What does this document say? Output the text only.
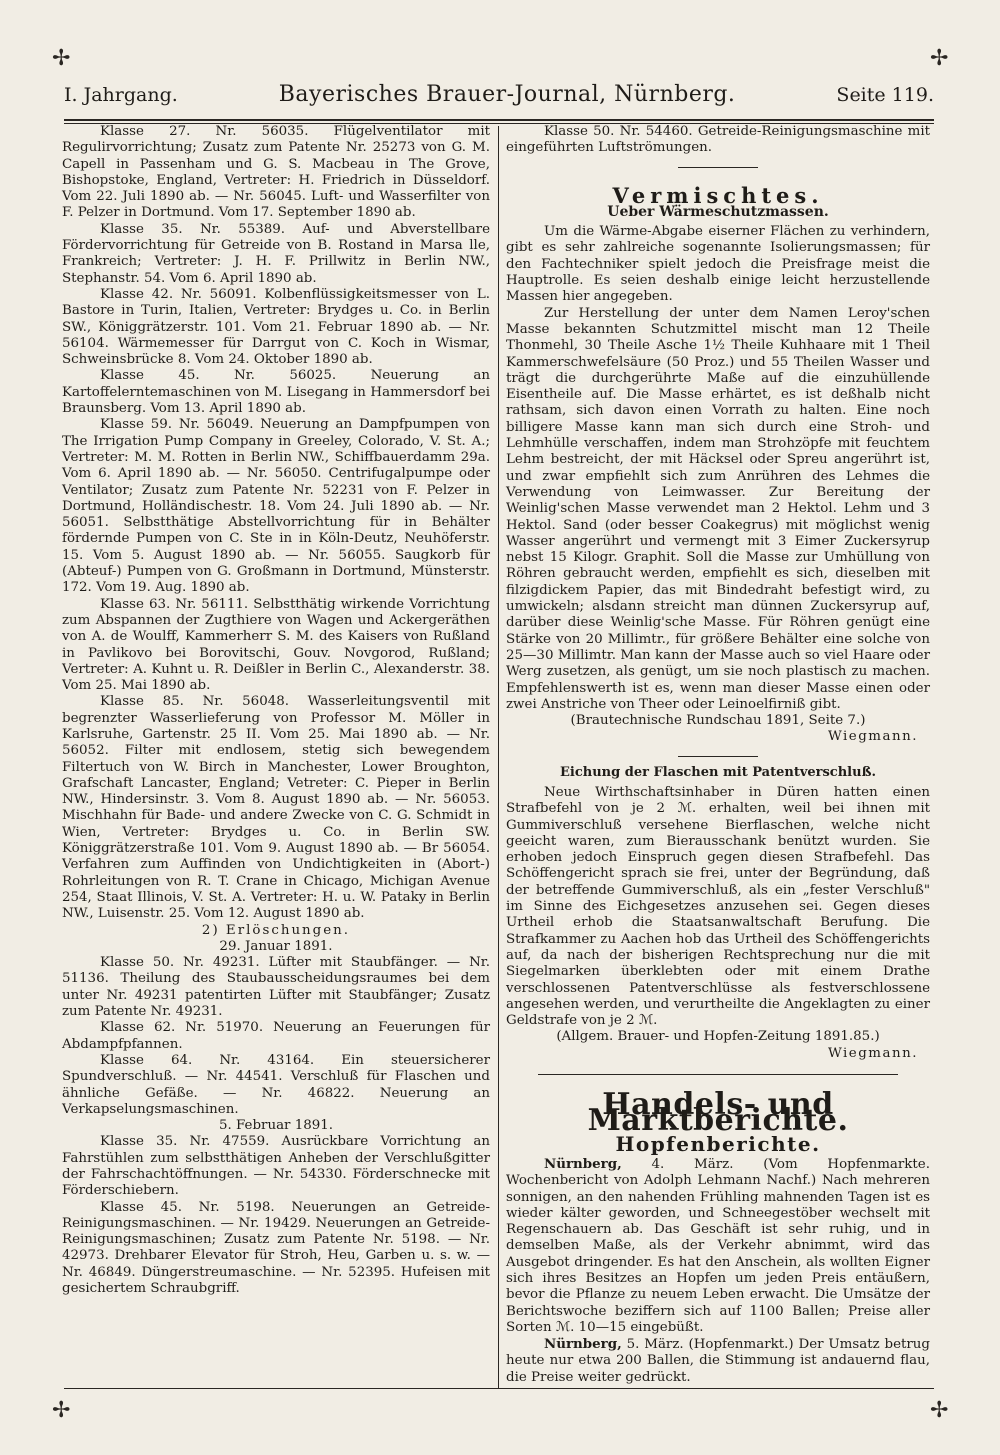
✢	✢
✢	✢
I. Jahrgang.	Bayerisches Brauer-Journal, Nürnberg.	Seite 119.

Klasse 27. Nr. 56035. Flügelventilator mit Regulirvorrichtung; Zusatz zum Patente Nr. 25273 von G. M. Capell in Passenham und G. S. Macbeau in The Grove, Bishopstoke, England, Vertreter: H. Friedrich in Düsseldorf. Vom 22. Juli 1890 ab. — Nr. 56045. Luft- und Wasserfilter von F. Pelzer in Dortmund. Vom 17. September 1890 ab.

Klasse 35. Nr. 55389. Auf- und Abverstellbare Fördervorrichtung für Getreide von B. Rostand in Marsa lle, Frankreich; Vertreter: J. H. F. Prillwitz in Berlin NW., Stephanstr. 54. Vom 6. April 1890 ab.

Klasse 42. Nr. 56091. Kolbenflüssigkeitsmesser von L. Bastore in Turin, Italien, Vertreter: Brydges u. Co. in Berlin SW., Königgrätzerstr. 101. Vom 21. Februar 1890 ab. — Nr. 56104. Wärmemesser für Darrgut von C. Koch in Wismar, Schweinsbrücke 8. Vom 24. Oktober 1890 ab.

Klasse 45. Nr. 56025. Neuerung an Kartoffelerntemaschinen von M. Lisegang in Hammersdorf bei Braunsberg. Vom 13. April 1890 ab.

Klasse 59. Nr. 56049. Neuerung an Dampfpumpen von The Irrigation Pump Company in Greeley, Colorado, V. St. A.; Vertreter: M. M. Rotten in Berlin NW., Schiffbauerdamm 29a. Vom 6. April 1890 ab. — Nr. 56050. Centrifugalpumpe oder Ventilator; Zusatz zum Patente Nr. 52231 von F. Pelzer in Dortmund, Holländischestr. 18. Vom 24. Juli 1890 ab. — Nr. 56051. Selbstthätige Abstellvorrichtung für in Behälter fördernde Pumpen von C. Ste in in Köln-Deutz, Neuhöferstr. 15. Vom 5. August 1890 ab. — Nr. 56055. Saugkorb für (Abteuf-) Pumpen von G. Großmann in Dortmund, Münsterstr. 172. Vom 19. Aug. 1890 ab.

Klasse 63. Nr. 56111. Selbstthätig wirkende Vorrichtung zum Abspannen der Zugthiere von Wagen und Ackergeräthen von A. de Woulff, Kammerherr S. M. des Kaisers von Rußland in Pavlikovo bei Borovitschi, Gouv. Novgorod, Rußland; Vertreter: A. Kuhnt u. R. Deißler in Berlin C., Alexanderstr. 38. Vom 25. Mai 1890 ab.

Klasse 85. Nr. 56048. Wasserleitungsventil mit begrenzter Wasserlieferung von Professor M. Möller in Karlsruhe, Gartenstr. 25 II. Vom 25. Mai 1890 ab. — Nr. 56052. Filter mit endlosem, stetig sich bewegendem Filtertuch von W. Birch in Manchester, Lower Broughton, Grafschaft Lancaster, England; Vetreter: C. Pieper in Berlin NW., Hindersinstr. 3. Vom 8. August 1890 ab. — Nr. 56053. Mischhahn für Bade- und andere Zwecke von C. G. Schmidt in Wien, Vertreter: Brydges u. Co. in Berlin SW. Königgrätzerstraße 101. Vom 9. August 1890 ab. — Br 56054. Verfahren zum Auffinden von Undichtigkeiten in (Abort-) Rohrleitungen von R. T. Crane in Chicago, Michigan Avenue 254, Staat Illinois, V. St. A. Vertreter: H. u. W. Pataky in Berlin NW., Luisenstr. 25. Vom 12. August 1890 ab.

2) Erlöschungen.

29. Januar 1891.

Klasse 50. Nr. 49231. Lüfter mit Staubfänger. — Nr. 51136. Theilung des Staubausscheidungsraumes bei dem unter Nr. 49231 patentirten Lüfter mit Staubfänger; Zusatz zum Patente Nr. 49231.

Klasse 62. Nr. 51970. Neuerung an Feuerungen für Abdampfpfannen.

Klasse 64. Nr. 43164. Ein steuersicherer Spundverschluß. — Nr. 44541. Verschluß für Flaschen und ähnliche Gefäße. — Nr. 46822. Neuerung an Verkapselungsmaschinen.

5. Februar 1891.

Klasse 35. Nr. 47559. Ausrückbare Vorrichtung an Fahrstühlen zum selbstthätigen Anheben der Verschlußgitter der Fahrschachtöffnungen. — Nr. 54330. Förderschnecke mit Förderschiebern.

Klasse 45. Nr. 5198. Neuerungen an Getreide-Reinigungsmaschinen. — Nr. 19429. Neuerungen an Getreide-Reinigungsmaschinen; Zusatz zum Patente Nr. 5198. — Nr. 42973. Drehbarer Elevator für Stroh, Heu, Garben u. s. w. — Nr. 46849. Düngerstreumaschine. — Nr. 52395. Hufeisen mit gesichertem Schraubgriff.

Klasse 50. Nr. 54460. Getreide-Reinigungsmaschine mit eingeführten Luftströmungen.

Vermischtes.
Ueber Wärmeschutzmassen.

Um die Wärme-Abgabe eiserner Flächen zu verhindern, gibt es sehr zahlreiche sogenannte Isolierungsmassen; für den Fachtechniker spielt jedoch die Preisfrage meist die Hauptrolle. Es seien deshalb einige leicht herzustellende Massen hier angegeben.

Zur Herstellung der unter dem Namen Leroy'schen Masse bekannten Schutzmittel mischt man 12 Theile Thonmehl, 30 Theile Asche 1½ Theile Kuhhaare mit 1 Theil Kammerschwefelsäure (50 Proz.) und 55 Theilen Wasser und trägt die durchgerührte Maße auf die einzuhüllende Eisentheile auf. Die Masse erhärtet, es ist deßhalb nicht rathsam, sich davon einen Vorrath zu halten. Eine noch billigere Masse kann man sich durch eine Stroh- und Lehmhülle verschaffen, indem man Strohzöpfe mit feuchtem Lehm bestreicht, der mit Häcksel oder Spreu angerührt ist, und zwar empfiehlt sich zum Anrühren des Lehmes die Verwendung von Leimwasser. Zur Bereitung der Weinlig'schen Masse verwendet man 2 Hektol. Lehm und 3 Hektol. Sand (oder besser Coakegrus) mit möglichst wenig Wasser angerührt und vermengt mit 3 Eimer Zuckersyrup nebst 15 Kilogr. Graphit. Soll die Masse zur Umhüllung von Röhren gebraucht werden, empfiehlt es sich, dieselben mit filzigdickem Papier, das mit Bindedraht befestigt wird, zu umwickeln; alsdann streicht man dünnen Zuckersyrup auf, darüber diese Weinlig'sche Masse. Für Röhren genügt eine Stärke von 20 Millimtr., für größere Behälter eine solche von 25—30 Millimtr. Man kann der Masse auch so viel Haare oder Werg zusetzen, als genügt, um sie noch plastisch zu machen. Empfehlenswerth ist es, wenn man dieser Masse einen oder zwei Anstriche von Theer oder Leinoelfirniß gibt.

(Brautechnische Rundschau 1891, Seite 7.)

Wiegmann.

Eichung der Flaschen mit Patentverschluß.

Neue Wirthschaftsinhaber in Düren hatten einen Strafbefehl von je 2 ℳ. erhalten, weil bei ihnen mit Gummiverschluß versehene Bierflaschen, welche nicht geeicht waren, zum Bierausschank benützt wurden. Sie erhoben jedoch Einspruch gegen diesen Strafbefehl. Das Schöffengericht sprach sie frei, unter der Begründung, daß der betreffende Gummiverschluß, als ein „fester Verschluß" im Sinne des Eichgesetzes anzusehen sei. Gegen dieses Urtheil erhob die Staatsanwaltschaft Berufung. Die Strafkammer zu Aachen hob das Urtheil des Schöffengerichts auf, da nach der bisherigen Rechtsprechung nur die mit Siegelmarken überklebten oder mit einem Drathe verschlossenen Patentverschlüsse als festverschlossene angesehen werden, und verurtheilte die Angeklagten zu einer Geldstrafe von je 2 ℳ.

(Allgem. Brauer- und Hopfen-Zeitung 1891.85.)

Wiegmann.

Handels- und Marktberichte.
Hopfenberichte.

Nürnberg, 4. März. (Vom Hopfenmarkte. Wochenbericht von Adolph Lehmann Nachf.) Nach mehreren sonnigen, an den nahenden Frühling mahnenden Tagen ist es wieder kälter geworden, und Schneegestöber wechselt mit Regenschauern ab. Das Geschäft ist sehr ruhig, und in demselben Maße, als der Verkehr abnimmt, wird das Ausgebot dringender. Es hat den Anschein, als wollten Eigner sich ihres Besitzes an Hopfen um jeden Preis entäußern, bevor die Pflanze zu neuem Leben erwacht. Die Umsätze der Berichtswoche beziffern sich auf 1100 Ballen; Preise aller Sorten ℳ. 10—15 eingebüßt.

Nürnberg, 5. März. (Hopfenmarkt.) Der Umsatz betrug heute nur etwa 200 Ballen, die Stimmung ist andauernd flau, die Preise weiter gedrückt.
